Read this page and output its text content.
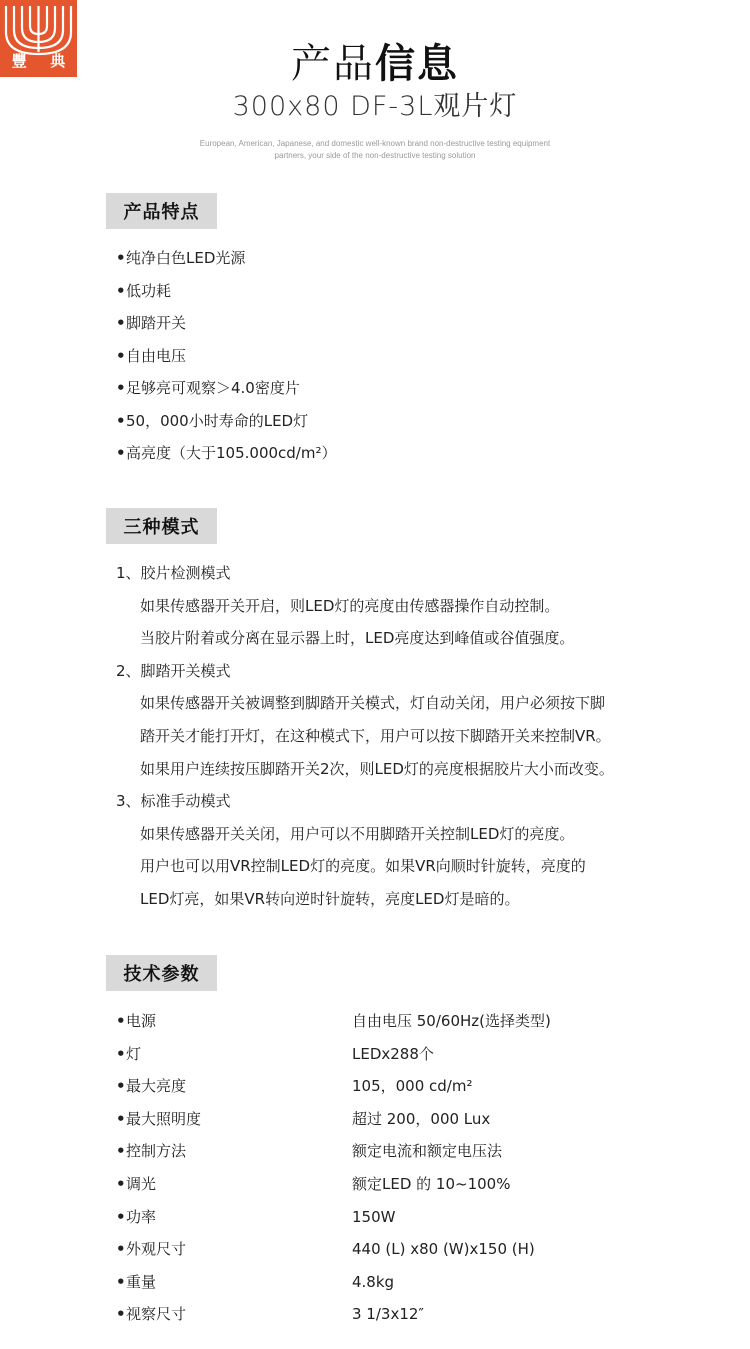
豐 典	产品信息
300x80 DF-3L观片灯
European, American, Japanese, and domestic well-known brand non-destructive testing equipment
partners, your side of the non-destructive testing solution
产品特点
•纯净白色LED光源
•低功耗
•脚踏开关
•自由电压
•足够亮可观察＞4.0密度片
•50，000小时寿命的LED灯
•高亮度（大于105.000cd/m²）
三种模式
1、胶片检测模式
如果传感器开关开启，则LED灯的亮度由传感器操作自动控制。
当胶片附着或分离在显示器上时，LED亮度达到峰值或谷值强度。
2、脚踏开关模式
如果传感器开关被调整到脚踏开关模式，灯自动关闭，用户必须按下脚
踏开关才能打开灯，在这种模式下，用户可以按下脚踏开关来控制VR。
如果用户连续按压脚踏开关2次，则LED灯的亮度根据胶片大小而改变。
3、标准手动模式
如果传感器开关关闭，用户可以不用脚踏开关控制LED灯的亮度。
用户也可以用VR控制LED灯的亮度。如果VR向顺时针旋转，亮度的
LED灯亮，如果VR转向逆时针旋转，亮度LED灯是暗的。
技术参数
•电源	自由电压 50/60Hz(选择类型)
•灯	LEDx288个
•最大亮度	105，000 cd/m²
•最大照明度	超过 200，000 Lux
•控制方法	额定电流和额定电压法
•调光	额定LED 的 10~100%
•功率	150W
•外观尺寸	440 (L) x80 (W)x150 (H)
•重量	4.8kg
•视察尺寸	3 1/3x12″
